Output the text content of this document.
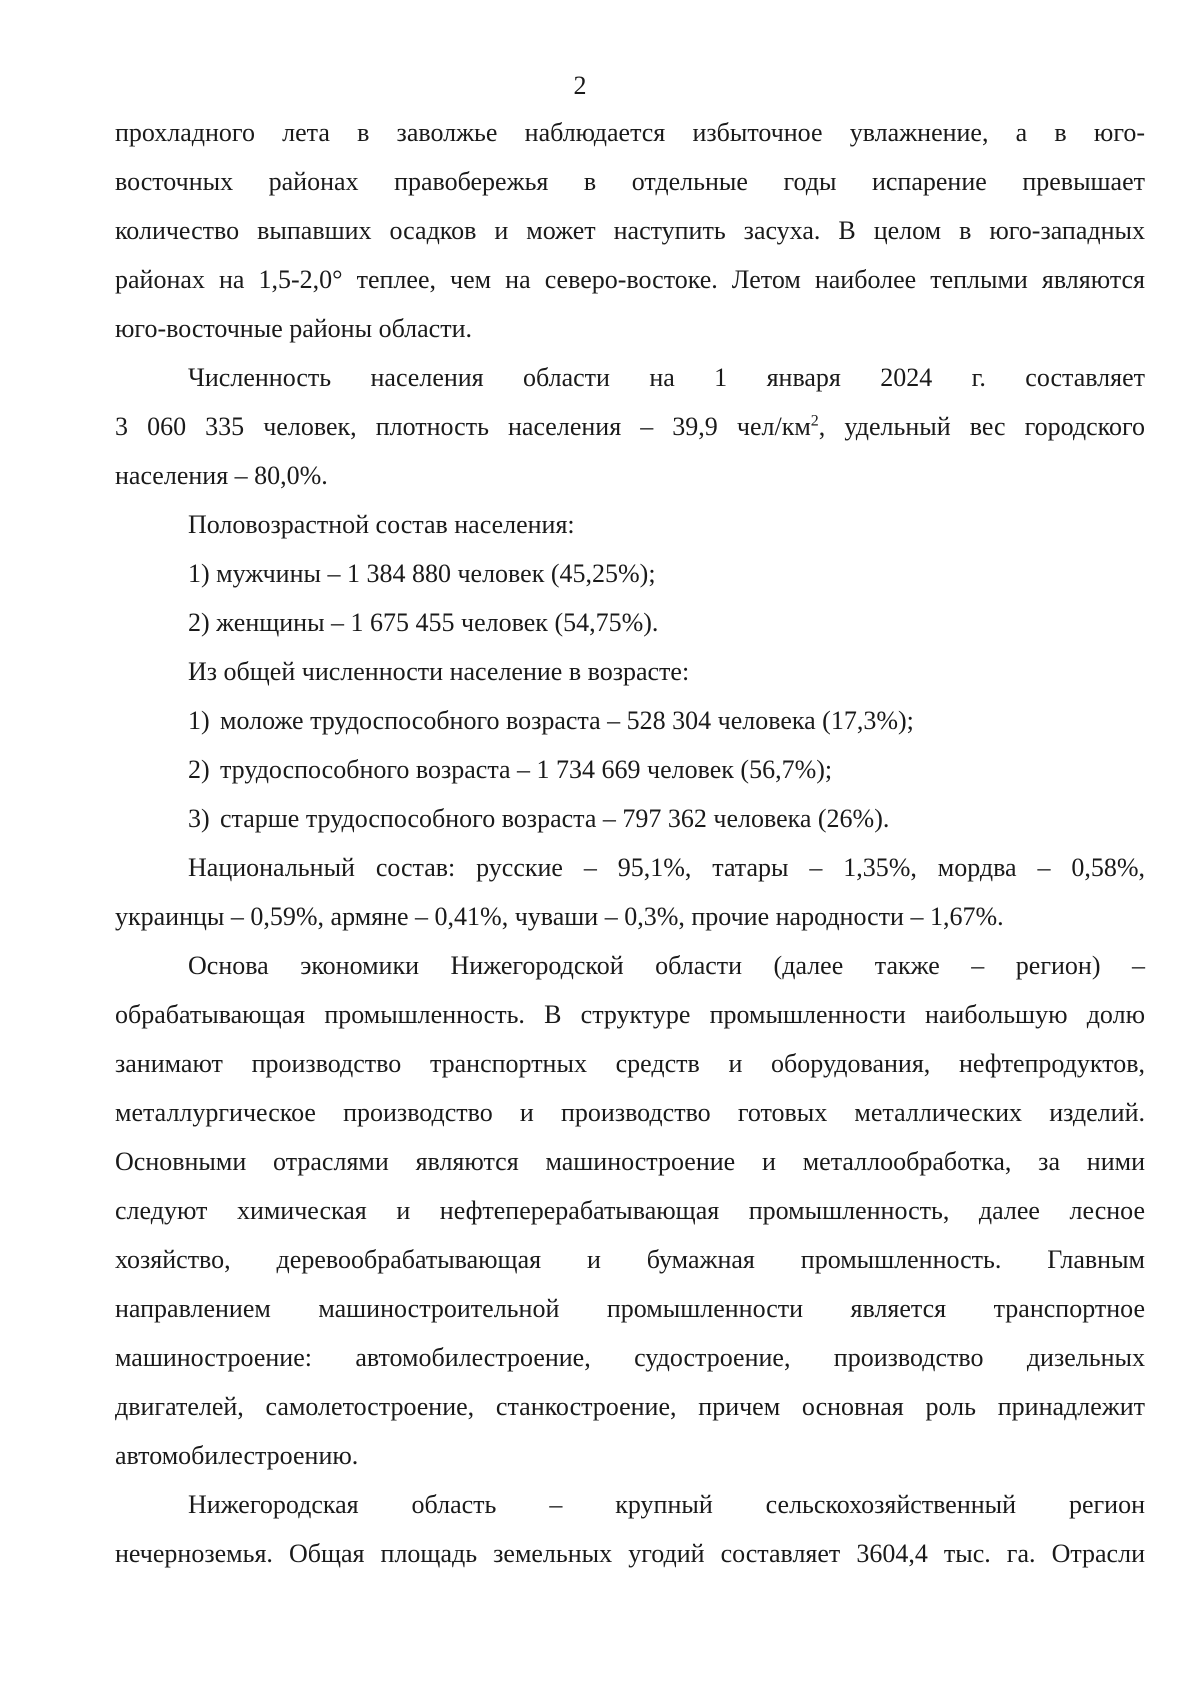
2
прохладного лета в заволжье наблюдается избыточное увлажнение, а в юго-
восточных районах правобережья в отдельные годы испарение превышает
количество выпавших осадков и может наступить засуха. В целом в юго-западных
районах на 1,5-2,0° теплее, чем на северо-востоке. Летом наиболее теплыми являются
юго-восточные районы области.
Численность населения области на 1 января 2024 г. составляет
3 060 335 человек, плотность населения – 39,9 чел/$км^2$, удельный вес городского
населения – 80,0%.
Половозрастной состав населения:
1) мужчины – 1 384 880 человек (45,25%);
2) женщины – 1 675 455 человек (54,75%).
Из общей численности население в возрасте:
1) моложе трудоспособного возраста – 528 304 человека (17,3%);
2) трудоспособного возраста – 1 734 669 человек (56,7%);
3) старше трудоспособного возраста – 797 362 человека (26%).
Национальный состав: русские – 95,1%, татары – 1,35%, мордва – 0,58%,
украинцы – 0,59%, армяне – 0,41%, чуваши – 0,3%, прочие народности – 1,67%.
Основа экономики Нижегородской области (далее также – регион) –
обрабатывающая промышленность. В структуре промышленности наибольшую долю
занимают производство транспортных средств и оборудования, нефтепродуктов,
металлургическое производство и производство готовых металлических изделий.
Основными отраслями являются машиностроение и металлообработка, за ними
следуют химическая и нефтеперерабатывающая промышленность, далее лесное
хозяйство, деревообрабатывающая и бумажная промышленность. Главным
направлением машиностроительной промышленности является транспортное
машиностроение: автомобилестроение, судостроение, производство дизельных
двигателей, самолетостроение, станкостроение, причем основная роль принадлежит
автомобилестроению.
Нижегородская область – крупный сельскохозяйственный регион
нечерноземья. Общая площадь земельных угодий составляет 3604,4 тыс. га. Отрасли
